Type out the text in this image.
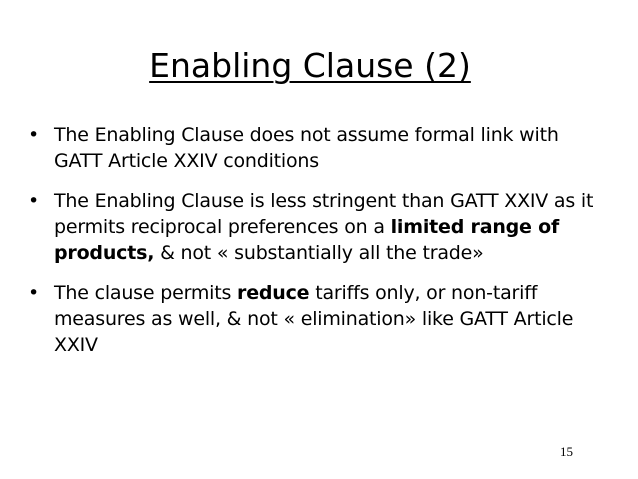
Enabling Clause (2)
• The Enabling Clause does not assume formal link with GATT Article XXIV conditions
• The Enabling Clause is less stringent than GATT XXIV as it permits reciprocal preferences on a limited range of products, & not « substantially all the trade»
• The clause permits reduce tariffs only, or non-tariff measures as well, & not « elimination» like GATT Article XXIV
15
